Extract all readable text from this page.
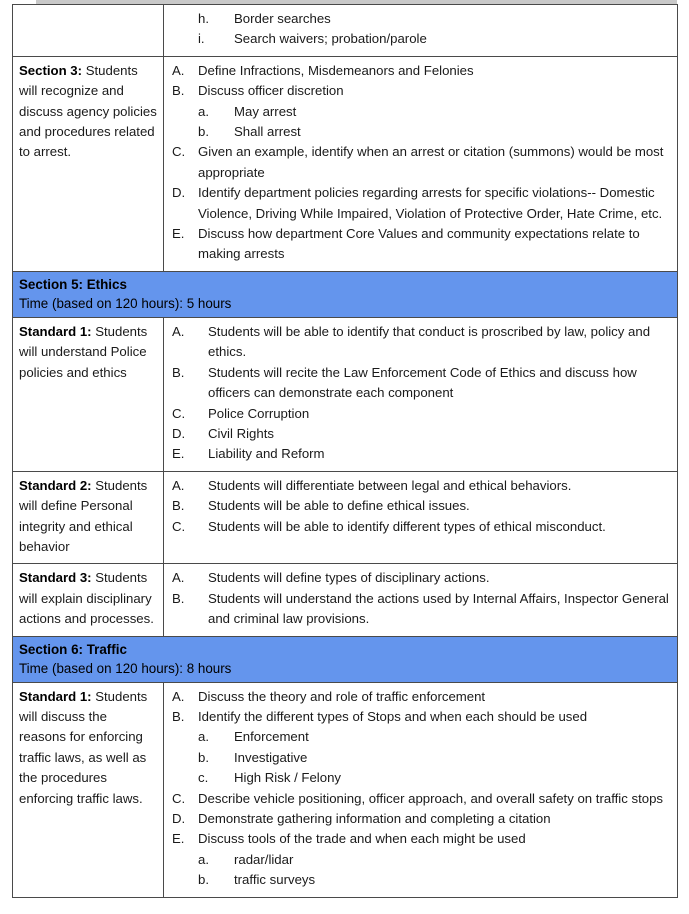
h.	Border searches
i.	Search waivers; probation/parole

Section 3: Students will recognize and discuss agency policies and procedures related to arrest.

A.	Define Infractions, Misdemeanors and Felonies
B.	Discuss officer discretion
a.	May arrest
b.	Shall arrest
C. Given an example, identify when an arrest or citation (summons) would be most appropriate
D. Identify department policies regarding arrests for specific violations-- Domestic Violence, Driving While Impaired, Violation of Protective Order, Hate Crime, etc.
E.	Discuss how department Core Values and community expectations relate to making arrests

Section 5: Ethics
Time (based on 120 hours): 5 hours	

Standard 1: Students will understand Police policies and ethics

A.	Students will be able to identify that conduct is proscribed by law, policy and ethics.
B.	Students will recite the Law Enforcement Code of Ethics and discuss how officers can demonstrate each component
C.	Police Corruption
D.	Civil Rights
E.	Liability and Reform

Standard 2: Students will define Personal integrity and ethical behavior

A.	Students will differentiate between legal and ethical behaviors.
B.	Students will be able to define ethical issues.
C.	Students will be able to identify different types of ethical misconduct.

Standard 3: Students will explain disciplinary actions and processes.

A.	Students will define types of disciplinary actions.
B.	Students will understand the actions used by Internal Affairs, Inspector General and criminal law provisions.

Section 6: Traffic
Time (based on 120 hours): 8 hours	

Standard 1: Students will discuss the reasons for enforcing traffic laws, as well as the procedures enforcing traffic laws.

A.	Discuss the theory and role of traffic enforcement
B.	Identify the different types of Stops and when each should be used
a.	Enforcement
b.	Investigative
c.	High Risk / Felony
C. Describe vehicle positioning, officer approach, and overall safety on traffic stops
D. Demonstrate gathering information and completing a citation
E.	Discuss tools of the trade and when each might be used
a.	radar/lidar
b.	traffic surveys
